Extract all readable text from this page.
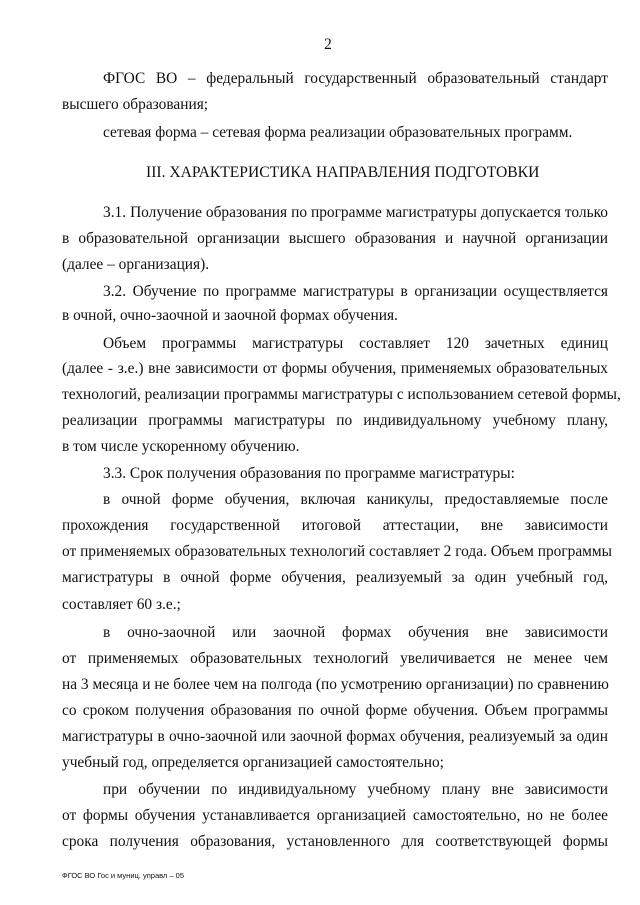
2
ФГОС ВО – федеральный государственный образовательный стандарт
высшего образования;
сетевая форма – сетевая форма реализации образовательных программ.
III. ХАРАКТЕРИСТИКА НАПРАВЛЕНИЯ ПОДГОТОВКИ
3.1. Получение образования по программе магистратуры допускается только
в образовательной организации высшего образования и научной организации
(далее – организация).
3.2. Обучение по программе магистратуры в организации осуществляется
в очной, очно-заочной и заочной формах обучения.
Объем программы магистратуры составляет 120 зачетных единиц
(далее - з.е.) вне зависимости от формы обучения, применяемых образовательных
технологий, реализации программы магистратуры с использованием сетевой формы,
реализации программы магистратуры по индивидуальному учебному плану,
в том числе ускоренному обучению.
3.3. Срок получения образования по программе магистратуры:
в очной форме обучения, включая каникулы, предоставляемые после
прохождения государственной итоговой аттестации, вне зависимости
от применяемых образовательных технологий составляет 2 года. Объем программы
магистратуры в очной форме обучения, реализуемый за один учебный год,
составляет 60 з.е.;
в очно-заочной или заочной формах обучения вне зависимости
от применяемых образовательных технологий увеличивается не менее чем
на 3 месяца и не более чем на полгода (по усмотрению организации) по сравнению
со сроком получения образования по очной форме обучения. Объем программы
магистратуры в очно-заочной или заочной формах обучения, реализуемый за один
учебный год, определяется организацией самостоятельно;
при обучении по индивидуальному учебному плану вне зависимости
от формы обучения устанавливается организацией самостоятельно, но не более
срока получения образования, установленного для соответствующей формы
ФГОС ВО Гос и муниц. управл – 05
